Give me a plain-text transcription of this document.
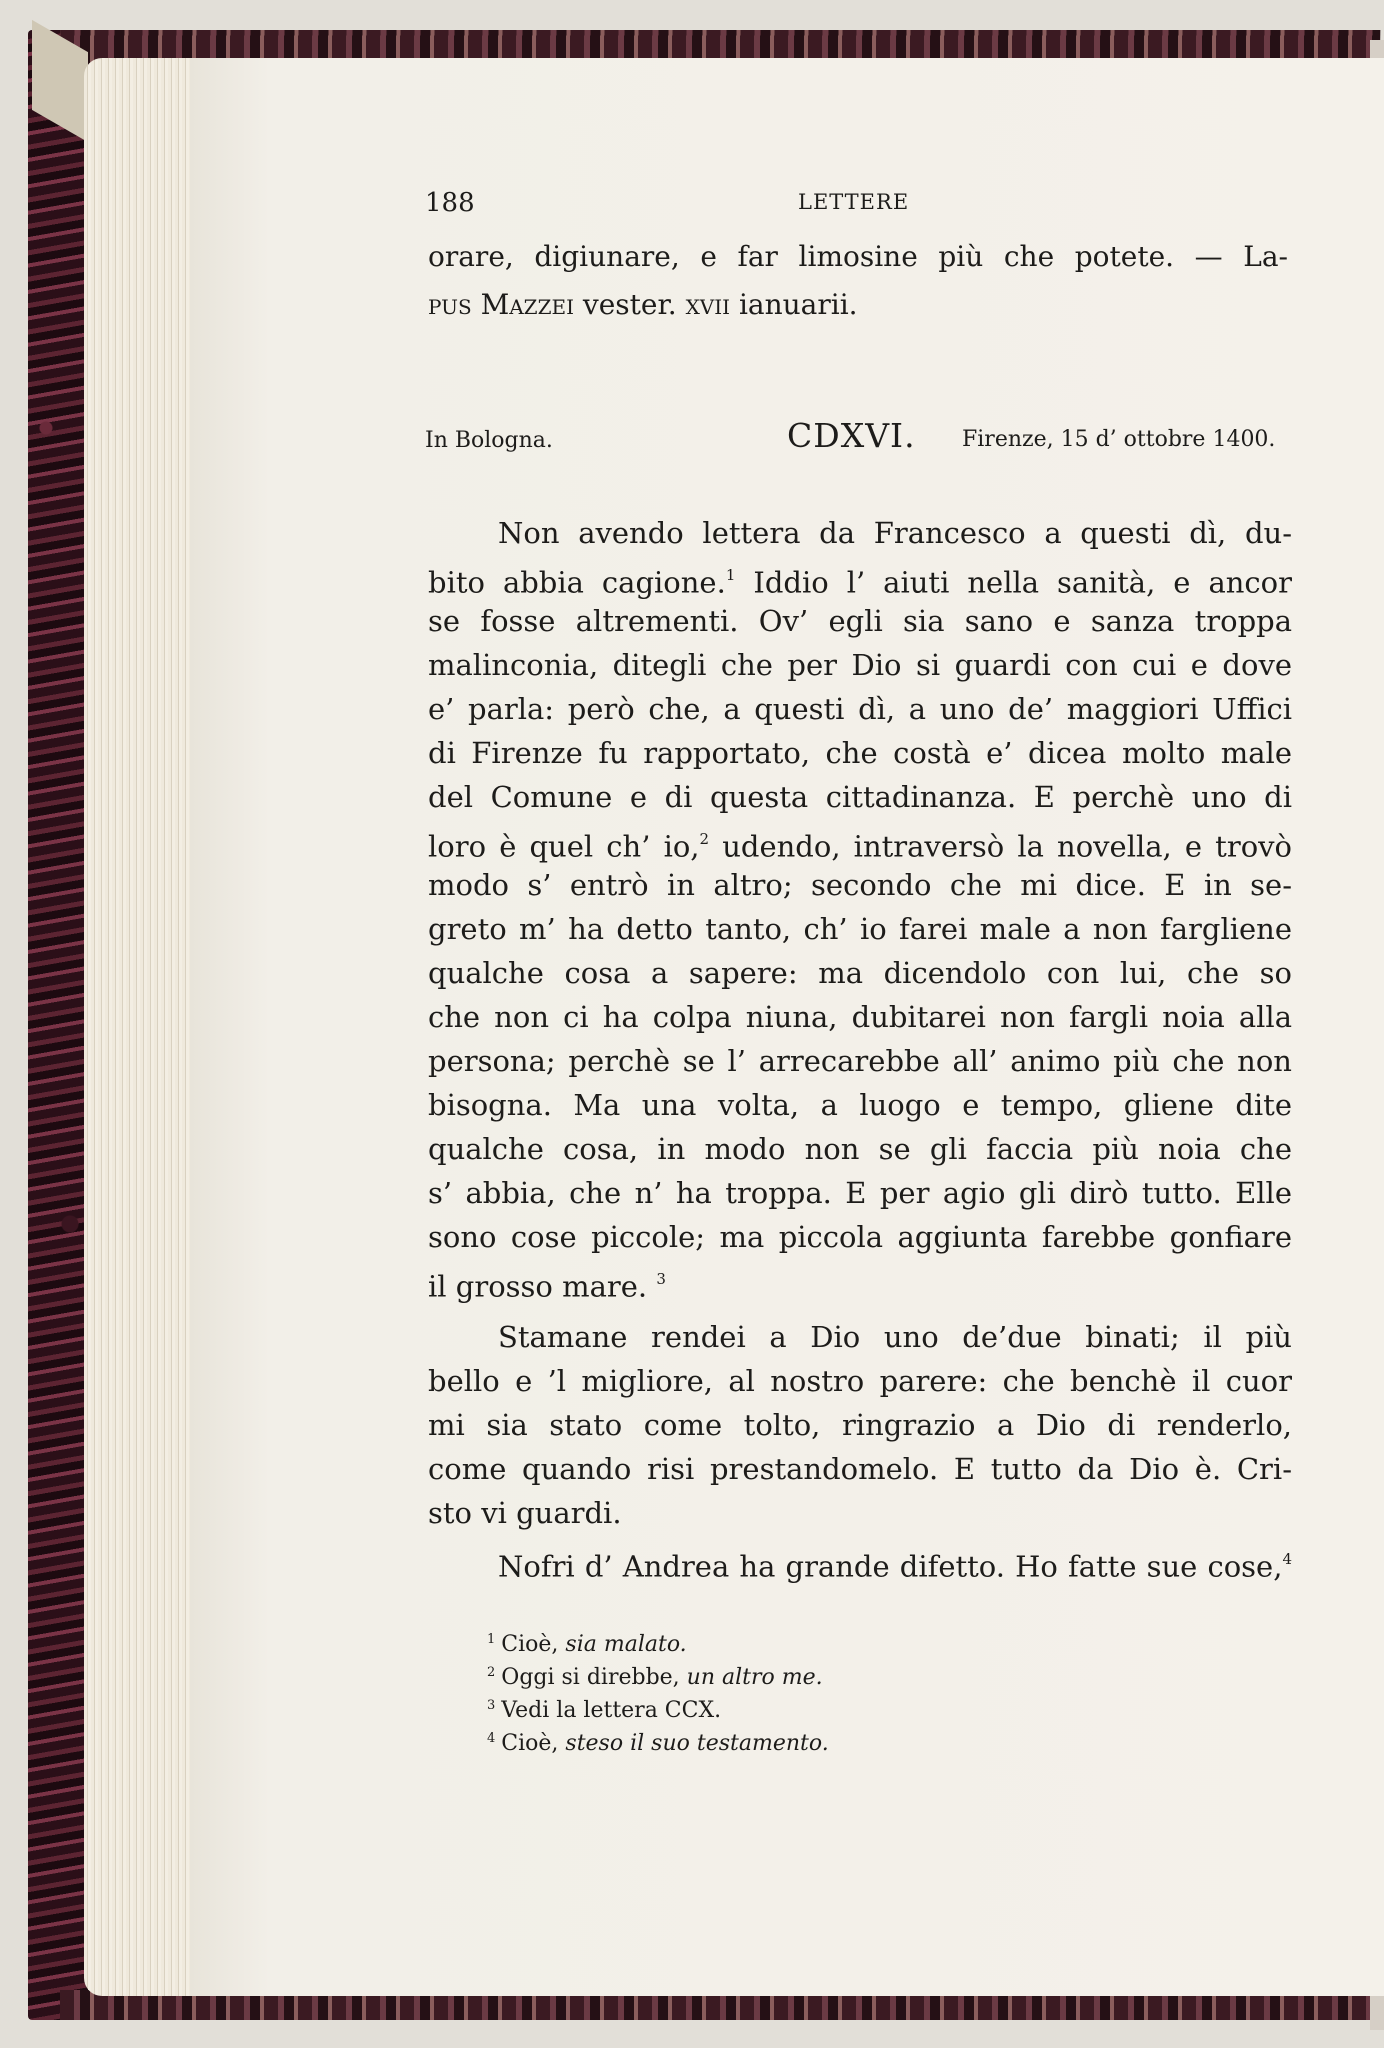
188	LETTERE
orare, digiunare, e far limosine più che potete. — La-
pus Mazzei vester. xvii ianuarii.
In Bologna.	CDXVI. Firenze, 15 d’ ottobre 1400.
Non avendo lettera da Francesco a questi dì, du-
bito abbia cagione.$^1$ Iddio l’ aiuti nella sanità, e ancor
se fosse altrementi. Ov’ egli sia sano e sanza troppa
malinconia, ditegli che per Dio si guardi con cui e dove
e’ parla: però che, a questi dì, a uno de’ maggiori Uffici
di Firenze fu rapportato, che costà e’ dicea molto male
del Comune e di questa cittadinanza. E perchè uno di
loro è quel ch’ io,$^2$ udendo, intraversò la novella, e trovò
modo s’ entrò in altro; secondo che mi dice. E in se-
greto m’ ha detto tanto, ch’ io farei male a non fargliene
qualche cosa a sapere: ma dicendolo con lui, che so
che non ci ha colpa niuna, dubitarei non fargli noia alla
persona; perchè se l’ arrecarebbe all’ animo più che non
bisogna. Ma una volta, a luogo e tempo, gliene dite
qualche cosa, in modo non se gli faccia più noia che
s’ abbia, che n’ ha troppa. E per agio gli dirò tutto. Elle
sono cose piccole; ma piccola aggiunta farebbe gonfiare
il grosso mare. $^3$
Stamane rendei a Dio uno de’due binati; il più
bello e ’l migliore, al nostro parere: che benchè il cuor
mi sia stato come tolto, ringrazio a Dio di renderlo,
come quando risi prestandomelo. E tutto da Dio è. Cri-
sto vi guardi.
Nofri d’ Andrea ha grande difetto. Ho fatte sue cose,$^4$
$^1$ Cioè, sia malato.
$^2$ Oggi si direbbe, un altro me.
$^3$ Vedi la lettera CCX.
$^4$ Cioè, steso il suo testamento.
